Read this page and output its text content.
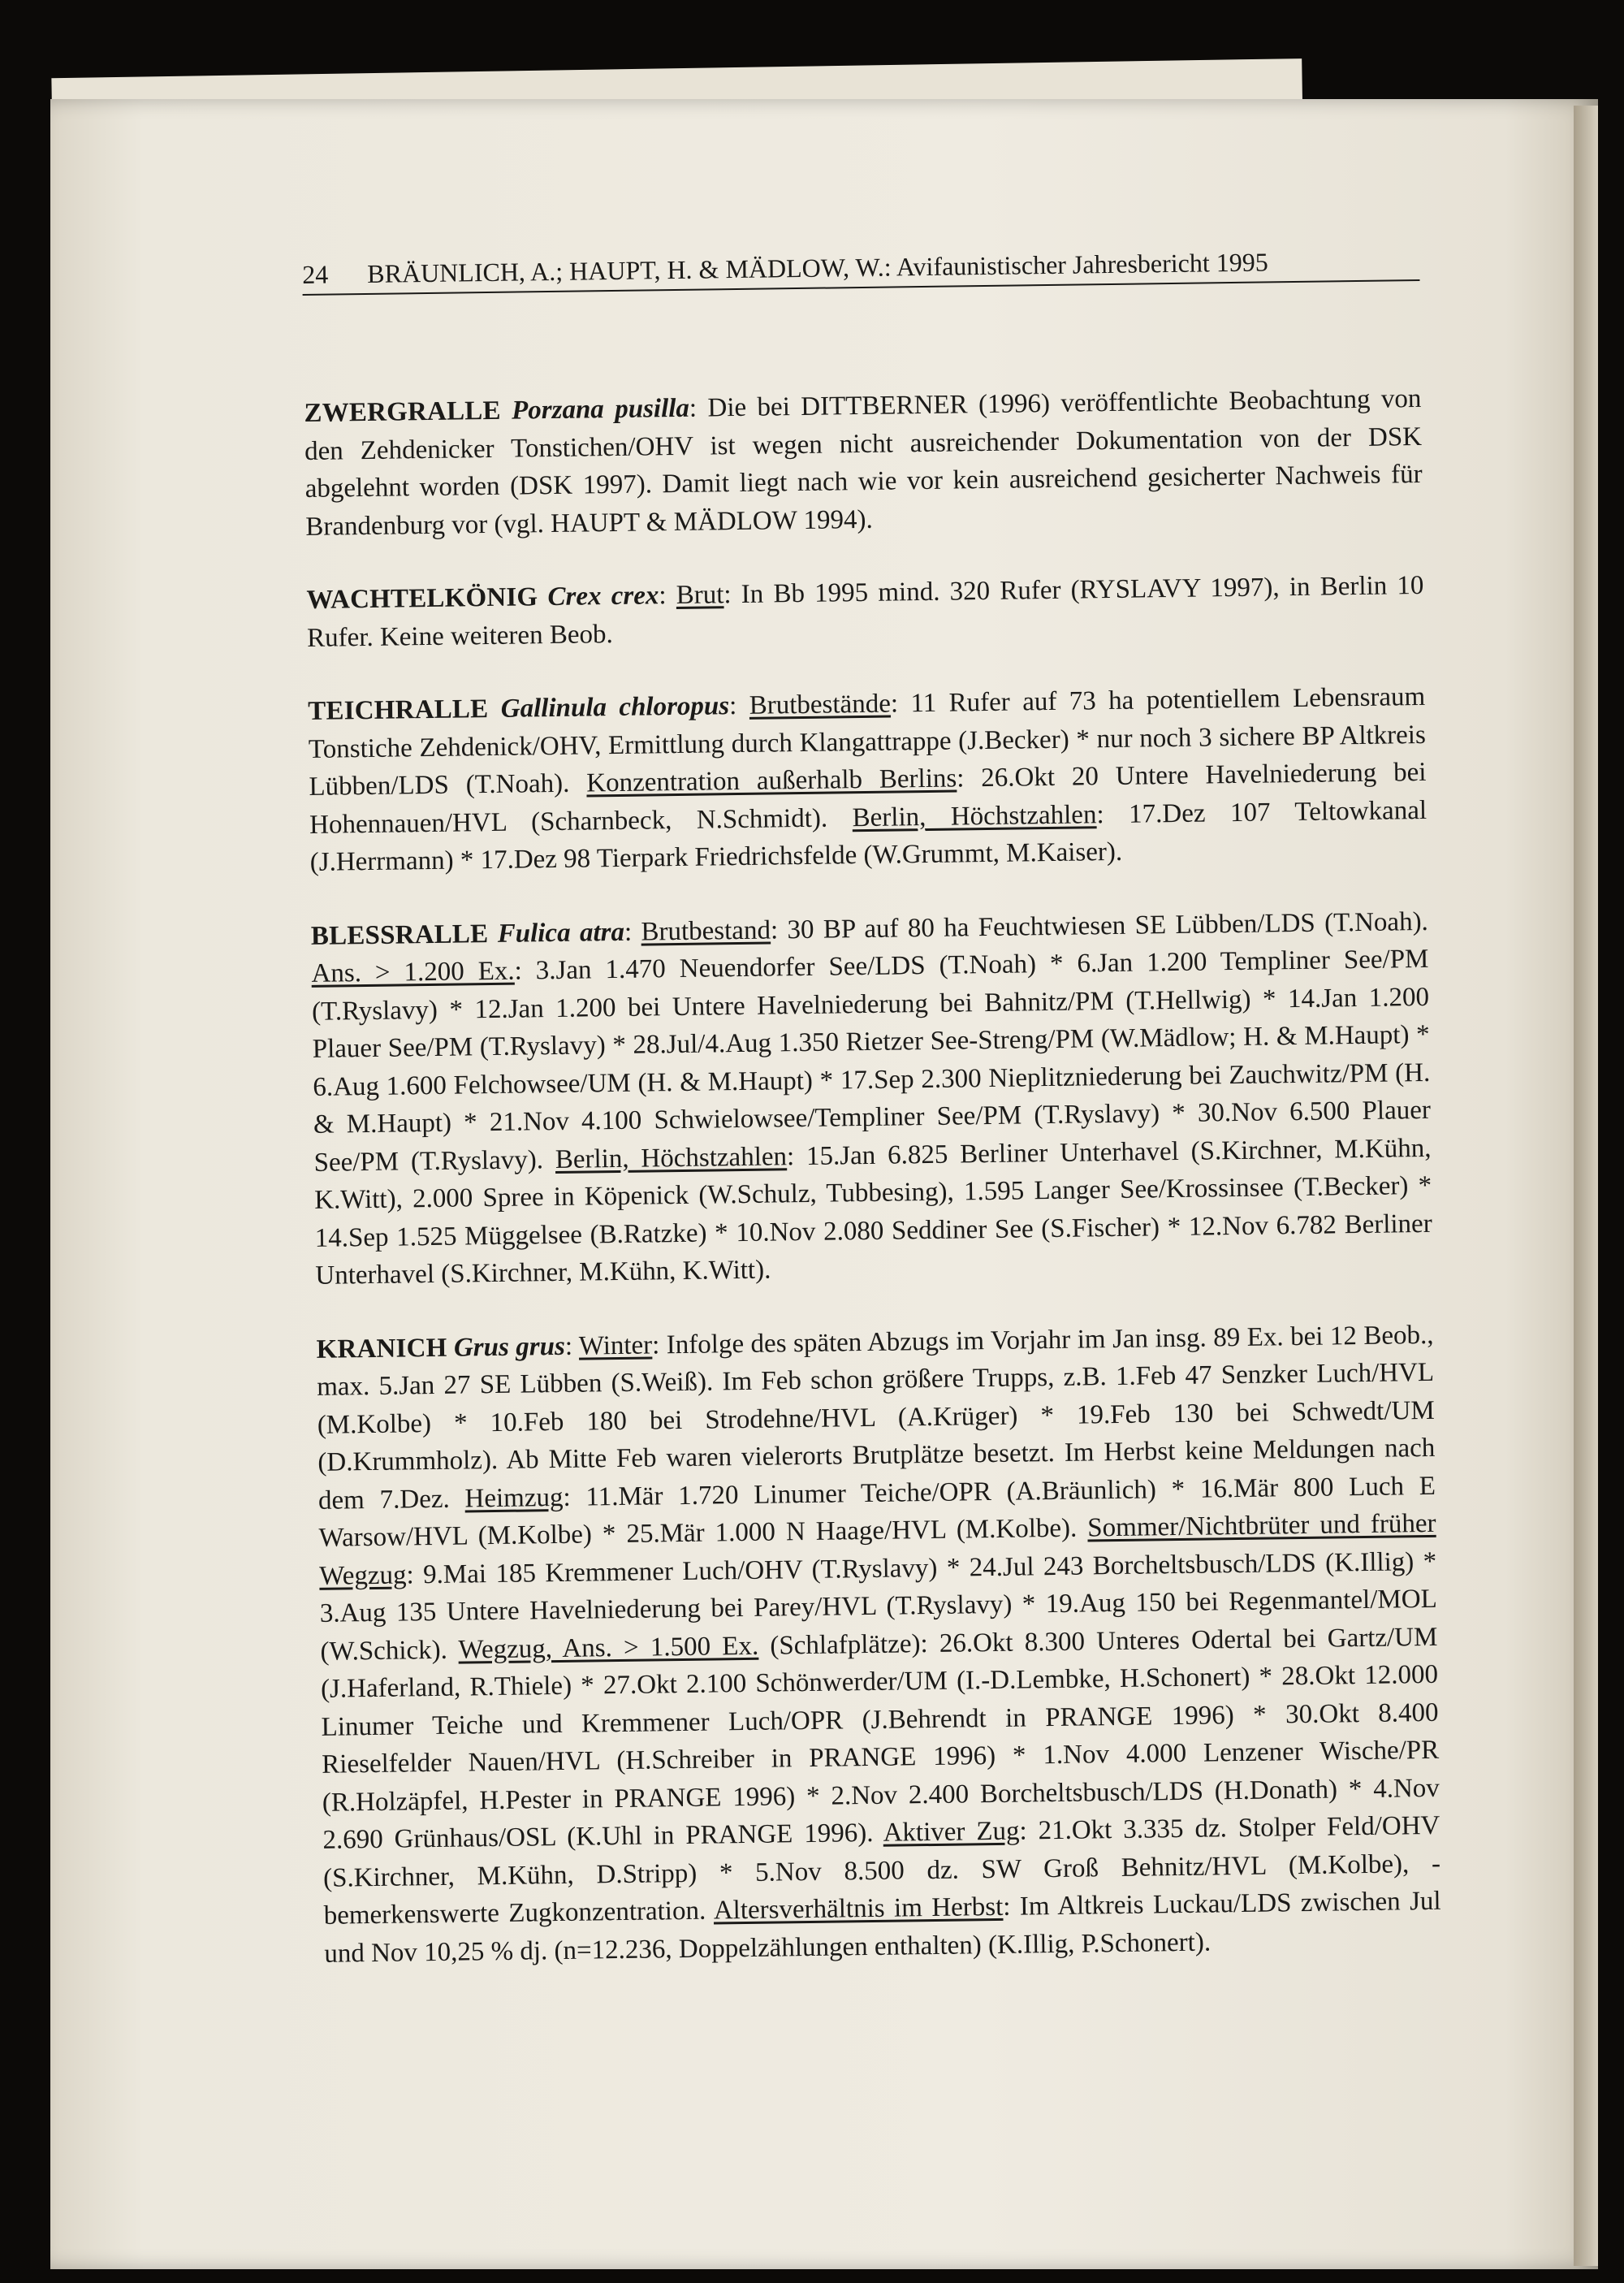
24	BRÄUNLICH, A.; HAUPT, H. & MÄDLOW, W.: Avifaunistischer Jahresbericht 1995

ZWERGRALLE Porzana pusilla: Die bei DITTBERNER (1996) veröffentlichte Beobachtung von den Zehdenicker Tonstichen/OHV ist wegen nicht ausreichender Dokumentation von der DSK abgelehnt worden (DSK 1997). Damit liegt nach wie vor kein ausreichend gesicherter Nachweis für Brandenburg vor (vgl. HAUPT & MÄDLOW 1994).

WACHTELKÖNIG Crex crex: Brut: In Bb 1995 mind. 320 Rufer (RYSLAVY 1997), in Berlin 10 Rufer. Keine weiteren Beob.

TEICHRALLE Gallinula chloropus: Brutbestände: 11 Rufer auf 73 ha potentiellem Lebensraum Tonstiche Zehdenick/OHV, Ermittlung durch Klangattrappe (J.Becker) * nur noch 3 sichere BP Altkreis Lübben/LDS (T.Noah). Konzentration außerhalb Berlins: 26.Okt 20 Untere Havelniederung bei Hohennauen/HVL (Scharnbeck, N.Schmidt). Berlin, Höchstzahlen: 17.Dez 107 Teltowkanal (J.Herrmann) * 17.Dez 98 Tierpark Friedrichsfelde (W.Grummt, M.Kaiser).

BLESSRALLE Fulica atra: Brutbestand: 30 BP auf 80 ha Feuchtwiesen SE Lübben/LDS (T.Noah). Ans. > 1.200 Ex.: 3.Jan 1.470 Neuendorfer See/LDS (T.Noah) * 6.Jan 1.200 Templiner See/PM (T.Ryslavy) * 12.Jan 1.200 bei Untere Havelniederung bei Bahnitz/PM (T.Hellwig) * 14.Jan 1.200 Plauer See/PM (T.Ryslavy) * 28.Jul/4.Aug 1.350 Rietzer See-Streng/PM (W.Mädlow; H. & M.Haupt) * 6.Aug 1.600 Felchowsee/UM (H. & M.Haupt) * 17.Sep 2.300 Nieplitzniederung bei Zauchwitz/PM (H. & M.Haupt) * 21.Nov 4.100 Schwielowsee/Templiner See/PM (T.Ryslavy) * 30.Nov 6.500 Plauer See/PM (T.Ryslavy). Berlin, Höchstzahlen: 15.Jan 6.825 Berliner Unterhavel (S.Kirchner, M.Kühn, K.Witt), 2.000 Spree in Köpenick (W.Schulz, Tubbesing), 1.595 Langer See/Krossinsee (T.Becker) * 14.Sep 1.525 Müggelsee (B.Ratzke) * 10.Nov 2.080 Seddiner See (S.Fischer) * 12.Nov 6.782 Berliner Unterhavel (S.Kirchner, M.Kühn, K.Witt).

KRANICH Grus grus: Winter: Infolge des späten Abzugs im Vorjahr im Jan insg. 89 Ex. bei 12 Beob., max. 5.Jan 27 SE Lübben (S.Weiß). Im Feb schon größere Trupps, z.B. 1.Feb 47 Senzker Luch/HVL (M.Kolbe) * 10.Feb 180 bei Strodehne/HVL (A.Krüger) * 19.Feb 130 bei Schwedt/UM (D.Krummholz). Ab Mitte Feb waren vielerorts Brutplätze besetzt. Im Herbst keine Meldungen nach dem 7.Dez. Heimzug: 11.Mär 1.720 Linumer Teiche/OPR (A.Bräunlich) * 16.Mär 800 Luch E Warsow/HVL (M.Kolbe) * 25.Mär 1.000 N Haage/HVL (M.Kolbe). Sommer/Nichtbrüter und früher Wegzug: 9.Mai 185 Kremmener Luch/OHV (T.Ryslavy) * 24.Jul 243 Borcheltsbusch/LDS (K.Illig) * 3.Aug 135 Untere Havelniederung bei Parey/HVL (T.Ryslavy) * 19.Aug 150 bei Regenmantel/MOL (W.Schick). Wegzug, Ans. > 1.500 Ex. (Schlafplätze): 26.Okt 8.300 Unteres Odertal bei Gartz/UM (J.Haferland, R.Thiele) * 27.Okt 2.100 Schönwerder/UM (I.-D.Lembke, H.Schonert) * 28.Okt 12.000 Linumer Teiche und Kremmener Luch/OPR (J.Behrendt in PRANGE 1996) * 30.Okt 8.400 Rieselfelder Nauen/HVL (H.Schreiber in PRANGE 1996) * 1.Nov 4.000 Lenzener Wische/PR (R.Holzäpfel, H.Pester in PRANGE 1996) * 2.Nov 2.400 Borcheltsbusch/LDS (H.Donath) * 4.Nov 2.690 Grünhaus/OSL (K.Uhl in PRANGE 1996). Aktiver Zug: 21.Okt 3.335 dz. Stolper Feld/OHV (S.Kirchner, M.Kühn, D.Stripp) * 5.Nov 8.500 dz. SW Groß Behnitz/HVL (M.Kolbe), - bemerkenswerte Zugkonzentration. Altersverhältnis im Herbst: Im Altkreis Luckau/LDS zwischen Jul und Nov 10,25 % dj. (n=12.236, Doppelzählungen enthalten) (K.Illig, P.Schonert).
